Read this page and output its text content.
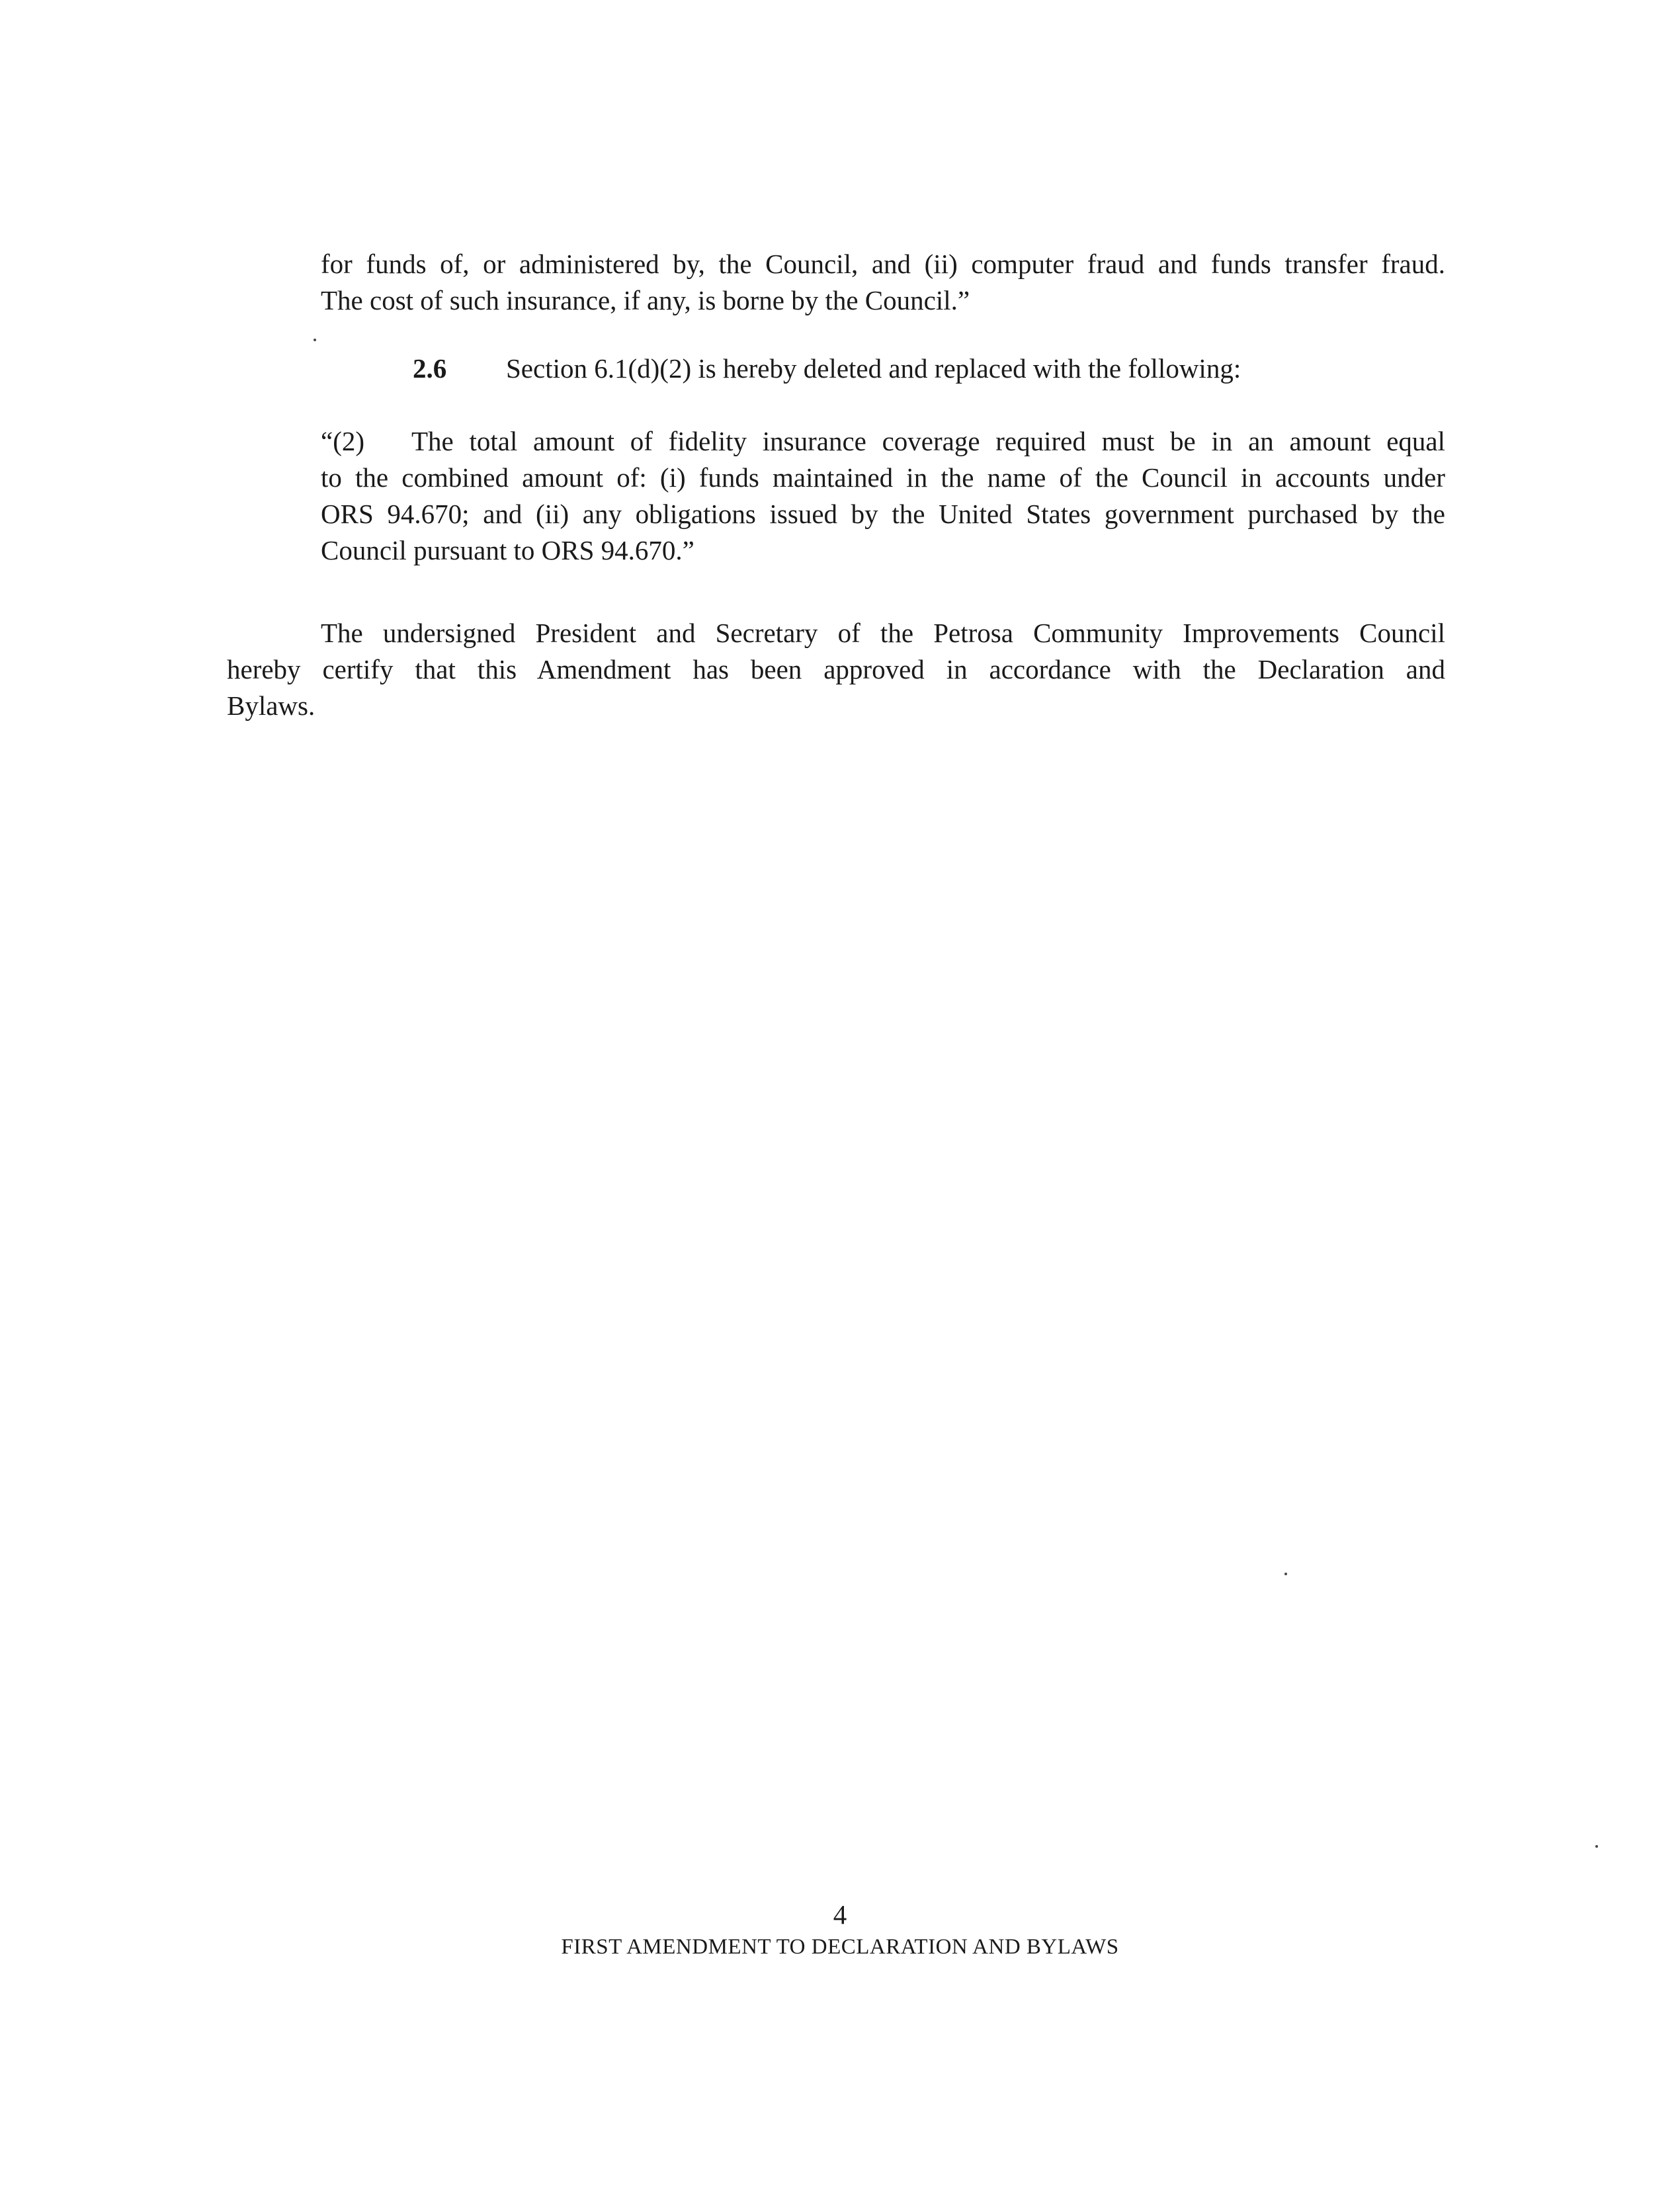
for funds of, or administered by, the Council, and (ii) computer fraud and funds transfer fraud.
The cost of such insurance, if any, is borne by the Council.”
2.6 Section 6.1(d)(2) is hereby deleted and replaced with the following:
“(2) The total amount of fidelity insurance coverage required must be in an amount equal
to the combined amount of: (i) funds maintained in the name of the Council in accounts under
ORS 94.670; and (ii) any obligations issued by the United States government purchased by the
Council pursuant to ORS 94.670.”
The undersigned President and Secretary of the Petrosa Community Improvements Council
hereby certify that this Amendment has been approved in accordance with the Declaration and
Bylaws.
4
FIRST AMENDMENT TO DECLARATION AND BYLAWS
